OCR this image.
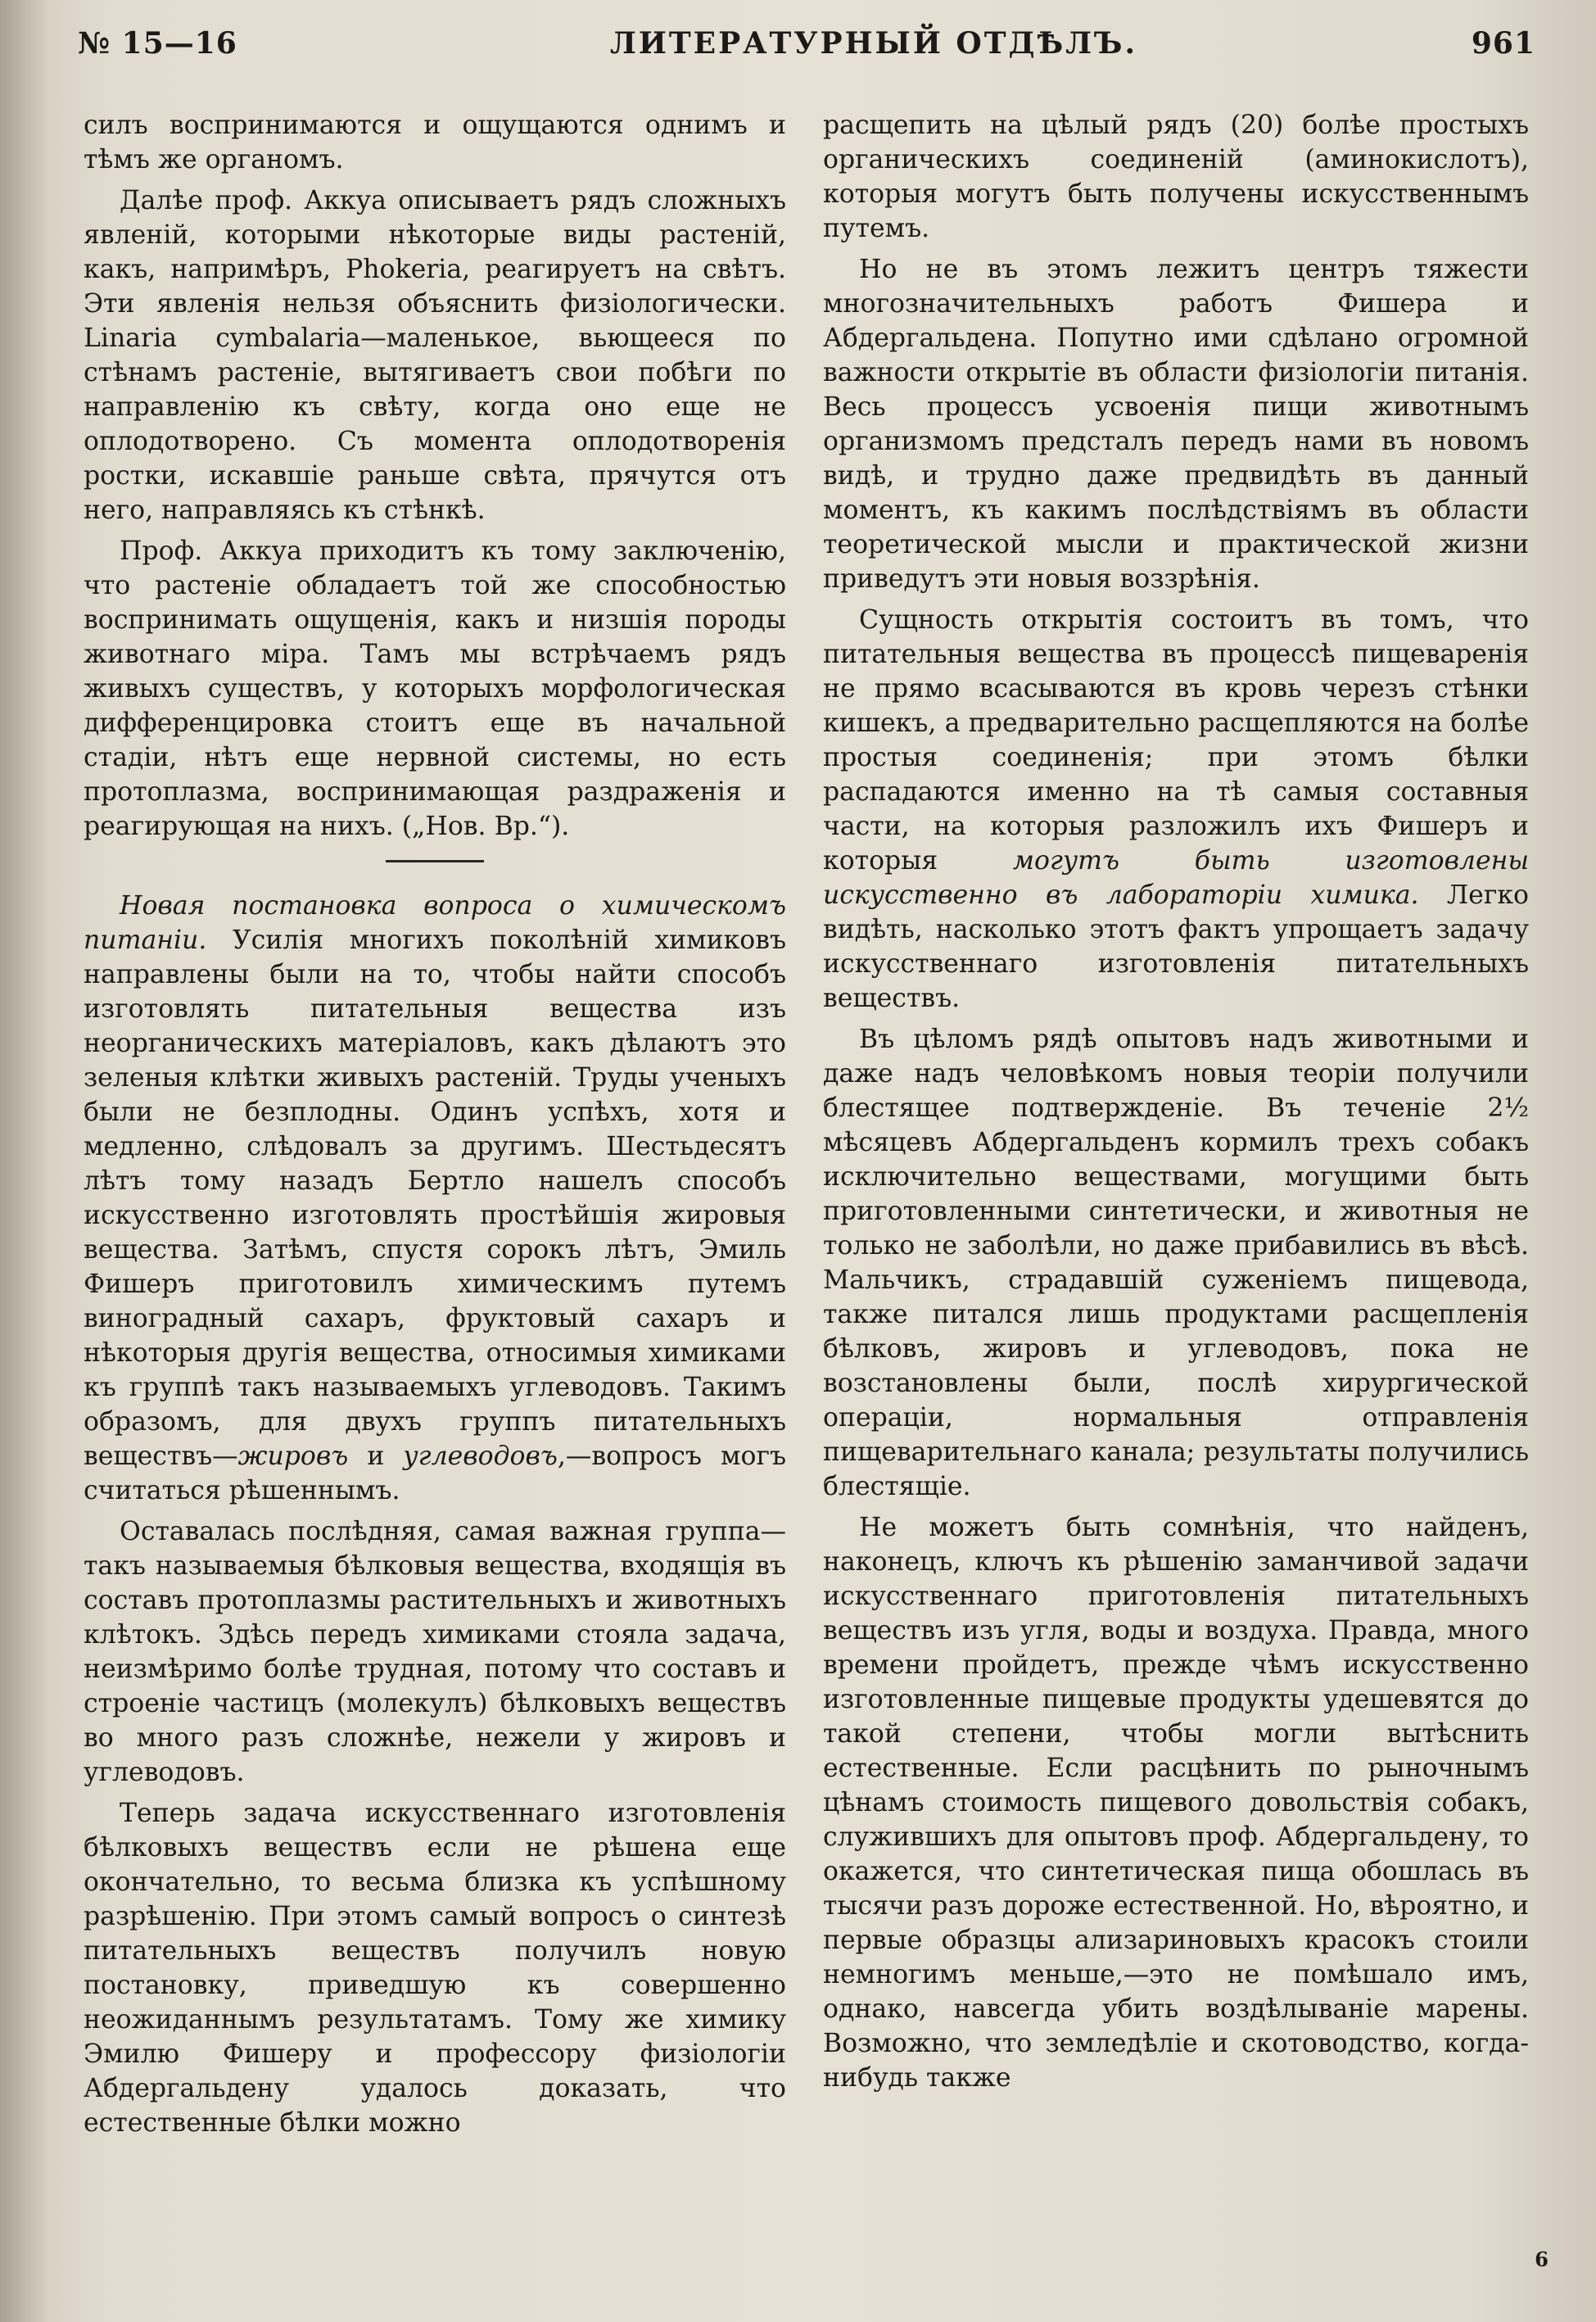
№ 15—16	ЛИТЕРАТУРНЫЙ ОТДѢЛЪ.	961

силъ воспринимаются и ощущаются однимъ и тѣмъ же органомъ.

Далѣе проф. Аккуа описываетъ рядъ сложныхъ явленій, которыми нѣкоторые виды растеній, какъ, напримѣръ, Phokeria, реагируетъ на свѣтъ. Эти явленія нельзя объяснить физіологически. Linaria cymbalaria—маленькое, вьющееся по стѣнамъ растеніе, вытягиваетъ свои побѣги по направленію къ свѣту, когда оно еще не оплодотворено. Съ момента оплодотворенія ростки, искавшіе раньше свѣта, прячутся отъ него, направляясь къ стѣнкѣ.

Проф. Аккуа приходитъ къ тому заключенію, что растеніе обладаетъ той же способностью воспринимать ощущенія, какъ и низшія породы животнаго міра. Тамъ мы встрѣчаемъ рядъ живыхъ существъ, у которыхъ морфологическая дифференцировка стоитъ еще въ начальной стадіи, нѣтъ еще нервной системы, но есть протоплазма, воспринимающая раздраженія и реагирующая на нихъ. („Нов. Вр.“).

Новая постановка вопроса о химическомъ питаніи. Усилія многихъ поколѣній химиковъ направлены были на то, чтобы найти способъ изготовлять питательныя вещества изъ неорганическихъ матеріаловъ, какъ дѣлаютъ это зеленыя клѣтки живыхъ растеній. Труды ученыхъ были не безплодны. Одинъ успѣхъ, хотя и медленно, слѣдовалъ за другимъ. Шестьдесятъ лѣтъ тому назадъ Бертло нашелъ способъ искусственно изготовлять простѣйшія жировыя вещества. Затѣмъ, спустя сорокъ лѣтъ, Эмиль Фишеръ приготовилъ химическимъ путемъ виноградный сахаръ, фруктовый сахаръ и нѣкоторыя другія вещества, относимыя химиками къ группѣ такъ называемыхъ углеводовъ. Такимъ образомъ, для двухъ группъ питательныхъ веществъ—жировъ и углеводовъ,—вопросъ могъ считаться рѣшеннымъ.

Оставалась послѣдняя, самая важная группа—такъ называемыя бѣлковыя вещества, входящія въ составъ протоплазмы растительныхъ и животныхъ клѣтокъ. Здѣсь передъ химиками стояла задача, неизмѣримо болѣе трудная, потому что составъ и строеніе частицъ (молекулъ) бѣлковыхъ веществъ во много разъ сложнѣе, нежели у жировъ и углеводовъ.

Теперь задача искусственнаго изготовленія бѣлковыхъ веществъ если не рѣшена еще окончательно, то весьма близка къ успѣшному разрѣшенію. При этомъ самый вопросъ о синтезѣ питательныхъ веществъ получилъ новую постановку, приведшую къ совершенно неожиданнымъ результатамъ. Тому же химику Эмилю Фишеру и профессору физіологіи Абдергальдену удалось доказать, что естественные бѣлки можно

расщепить на цѣлый рядъ (20) болѣе простыхъ органическихъ соединеній (аминокислотъ), которыя могутъ быть получены искусственнымъ путемъ.

Но не въ этомъ лежитъ центръ тяжести многозначительныхъ работъ Фишера и Абдергальдена. Попутно ими сдѣлано огромной важности открытіе въ области физіологіи питанія. Весь процессъ усвоенія пищи животнымъ организмомъ предсталъ передъ нами въ новомъ видѣ, и трудно даже предвидѣть въ данный моментъ, къ какимъ послѣдствіямъ въ области теоретической мысли и практической жизни приведутъ эти новыя воззрѣнія.

Сущность открытія состоитъ въ томъ, что питательныя вещества въ процессѣ пищеваренія не прямо всасываются въ кровь черезъ стѣнки кишекъ, а предварительно расщепляются на болѣе простыя соединенія; при этомъ бѣлки распадаются именно на тѣ самыя составныя части, на которыя разложилъ ихъ Фишеръ и которыя могутъ быть изготовлены искусственно въ лабораторіи химика. Легко видѣть, насколько этотъ фактъ упрощаетъ задачу искусственнаго изготовленія питательныхъ веществъ.

Въ цѣломъ рядѣ опытовъ надъ животными и даже надъ человѣкомъ новыя теоріи получили блестящее подтвержденіе. Въ теченіе 2½ мѣсяцевъ Абдергальденъ кормилъ трехъ собакъ исключительно веществами, могущими быть приготовленными синтетически, и животныя не только не заболѣли, но даже прибавились въ вѣсѣ. Мальчикъ, страдавшій суженіемъ пищевода, также питался лишь продуктами расщепленія бѣлковъ, жировъ и углеводовъ, пока не возстановлены были, послѣ хирургической операціи, нормальныя отправленія пищеварительнаго канала; результаты получились блестящіе.

Не можетъ быть сомнѣнія, что найденъ, наконецъ, ключъ къ рѣшенію заманчивой задачи искусственнаго приготовленія питательныхъ веществъ изъ угля, воды и воздуха. Правда, много времени пройдетъ, прежде чѣмъ искусственно изготовленные пищевые продукты удешевятся до такой степени, чтобы могли вытѣснить естественные. Если расцѣнить по рыночнымъ цѣнамъ стоимость пищевого довольствія собакъ, служившихъ для опытовъ проф. Абдергальдену, то окажется, что синтетическая пища обошлась въ тысячи разъ дороже естественной. Но, вѣроятно, и первые образцы ализариновыхъ красокъ стоили немногимъ меньше,—это не помѣшало имъ, однако, навсегда убить воздѣлываніе марены. Возможно, что земледѣліе и скотоводство, когда-нибудь также

6
